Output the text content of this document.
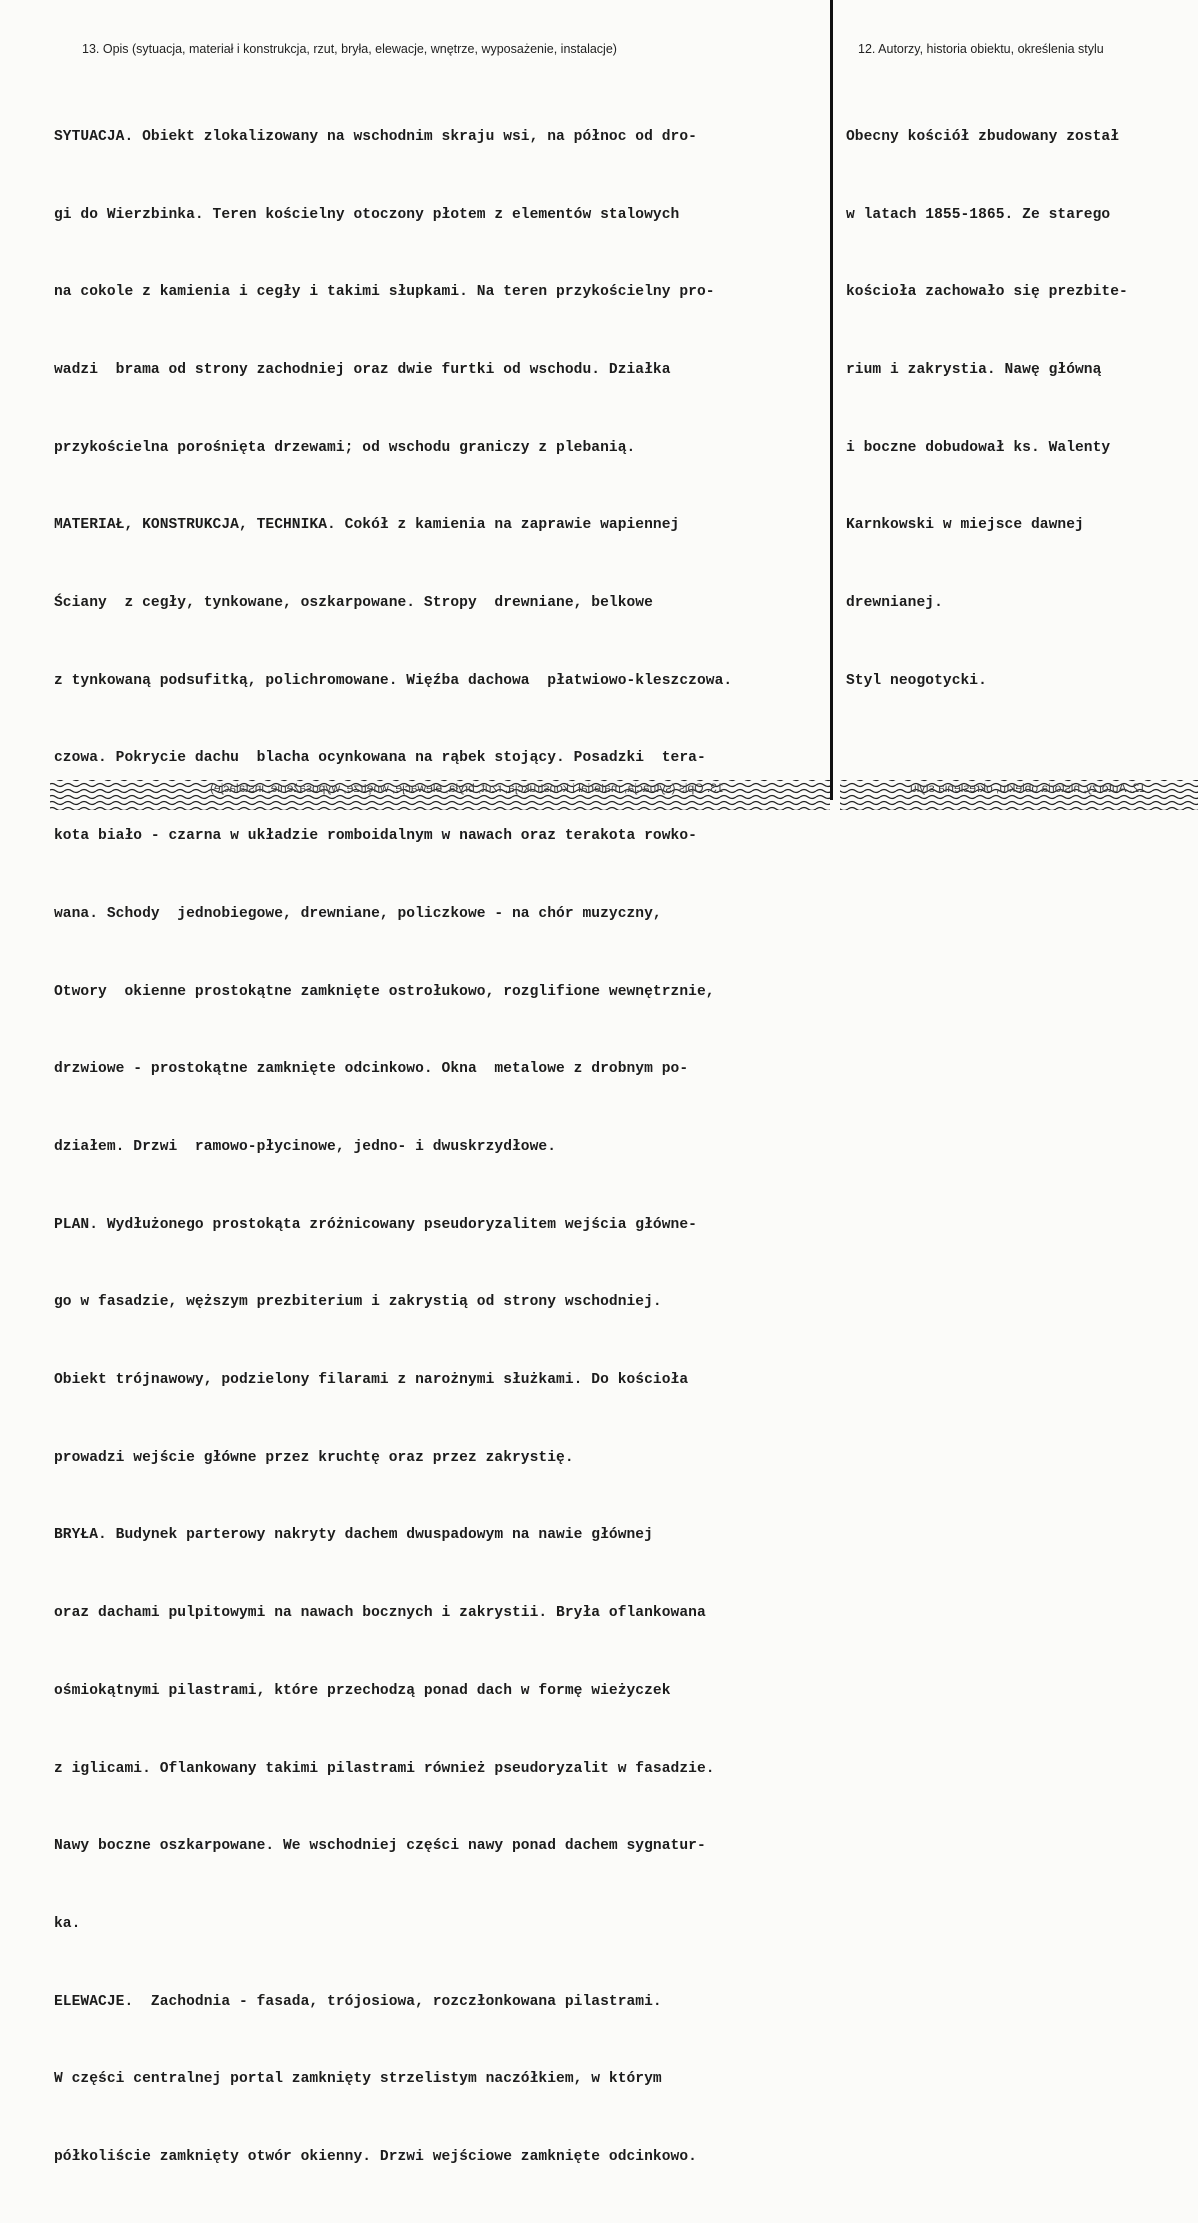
13. Opis (sytuacja, materiał i konstrukcja, rzut, bryła, elewacje, wnętrze, wyposażenie, instalacje)	12. Autorzy, historia obiektu, określenia stylu

SYTUACJA. Obiekt zlokalizowany na wschodnim skraju wsi, na północ od dro-

gi do Wierzbinka. Teren kościelny otoczony płotem z elementów stalowych

na cokole z kamienia i cegły i takimi słupkami. Na teren przykościelny pro-

wadzi  brama od strony zachodniej oraz dwie furtki od wschodu. Działka

przykościelna porośnięta drzewami; od wschodu graniczy z plebanią.

MATERIAŁ, KONSTRUKCJA, TECHNIKA. Cokół z kamienia na zaprawie wapiennej

Ściany  z cegły, tynkowane, oszkarpowane. Stropy  drewniane, belkowe

z tynkowaną podsufitką, polichromowane. Więźba dachowa  płatwiowo-kleszczowa.

czowa. Pokrycie dachu  blacha ocynkowana na rąbek stojący. Posadzki  tera-

kota biało - czarna w układzie romboidalnym w nawach oraz terakota rowko-

wana. Schody  jednobiegowe, drewniane, policzkowe - na chór muzyczny,

Otwory  okienne prostokątne zamknięte ostrołukowo, rozglifione wewnętrznie,

drzwiowe - prostokątne zamknięte odcinkowo. Okna  metalowe z drobnym po-

działem. Drzwi  ramowo-płycinowe, jedno- i dwuskrzydłowe.

PLAN. Wydłużonego prostokąta zróżnicowany pseudoryzalitem wejścia główne-

go w fasadzie, węższym prezbiterium i zakrystią od strony wschodniej.

Obiekt trójnawowy, podzielony filarami z narożnymi służkami. Do kościoła

prowadzi wejście główne przez kruchtę oraz przez zakrystię.

BRYŁA. Budynek parterowy nakryty dachem dwuspadowym na nawie głównej

oraz dachami pulpitowymi na nawach bocznych i zakrystii. Bryła oflankowana

ośmiokątnymi pilastrami, które przechodzą ponad dach w formę wieżyczek

z iglicami. Oflankowany takimi pilastrami również pseudoryzalit w fasadzie.

Nawy boczne oszkarpowane. We wschodniej części nawy ponad dachem sygnatur-

ka.

ELEWACJE.  Zachodnia - fasada, trójosiowa, rozczłonkowana pilastrami.

W części centralnej portal zamknięty strzelistym naczółkiem, w którym

półkoliście zamknięty otwór okienny. Drzwi wejściowe zamknięte odcinkowo.

Obecny kościół zbudowany został

w latach 1855-1865. Ze starego

kościoła zachowało się prezbite-

rium i zakrystia. Nawę główną

i boczne dobudował ks. Walenty

Karnkowski w miejsce dawnej

drewnianej.

Styl neogotycki.

13. Opis (sytuacja, materiał i konstrukcja, rzut, bryła, elewacje, wnętrze, wyposażenie, instalacje)	12. Autorzy, historia obiektu, określenia stylu
